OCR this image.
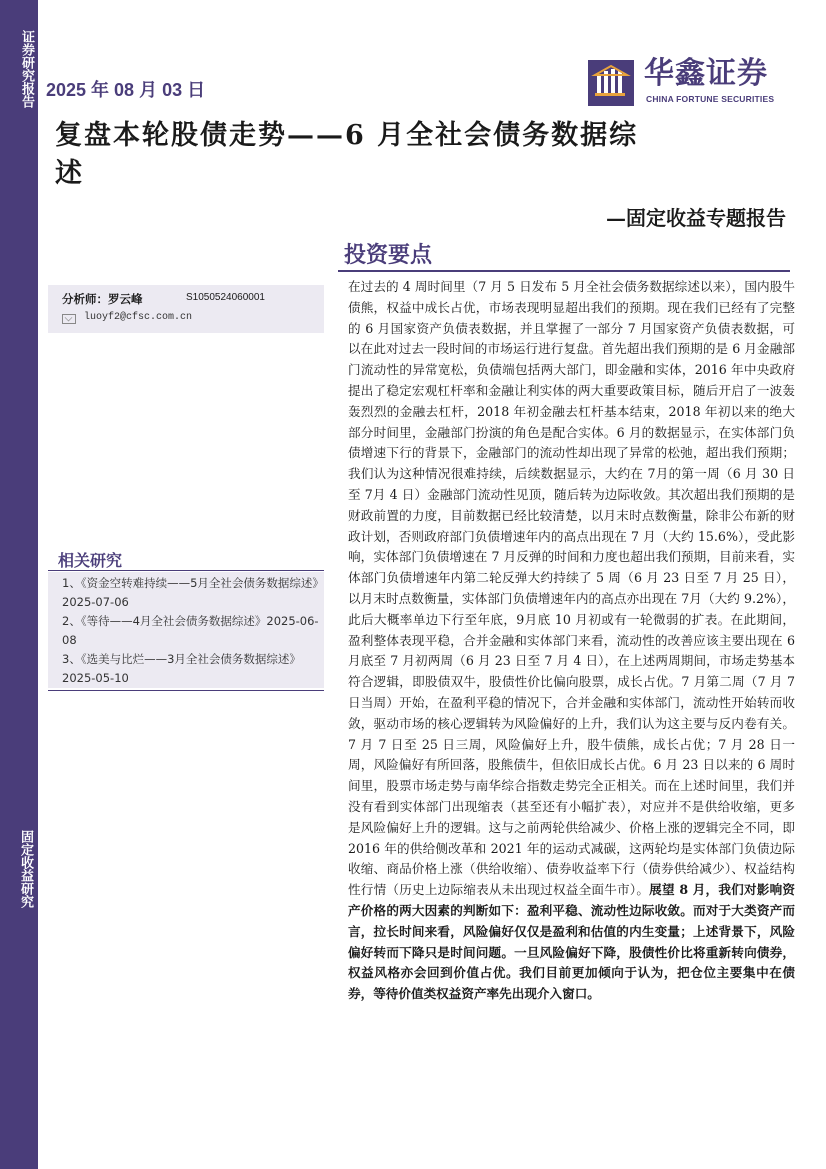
证券研究报告
固定收益研究
2025 年 08 月 03 日	华鑫证券
CHINA FORTUNE SECURITIES
复盘本轮股债走势——6 月全社会债务数据综
述
—固定收益专题报告
投资要点
分析师：罗云峰	S1050524060001
luoyf2@cfsc.com.cn
相关研究
1、《资金空转难持续——5月全社会债务数据综述》2025-07-06
2、《等待——4月全社会债务数据综述》2025-06-08
3、《选美与比烂——3月全社会债务数据综述》2025-05-10
在过去的 4 周时间里（7 月 5 日发布 5 月全社会债务数据综述以来），国内股牛债熊，权益中成长占优，市场表现明显超出我们的预期。现在我们已经有了完整的 6 月国家资产负债表数据，并且掌握了一部分 7 月国家资产负债表数据，可以在此对过去一段时间的市场运行进行复盘。首先超出我们预期的是 6 月金融部门流动性的异常宽松，负债端包括两大部门，即金融和实体，2016 年中央政府提出了稳定宏观杠杆率和金融让利实体的两大重要政策目标，随后开启了一波轰轰烈烈的金融去杠杆，2018 年初金融去杠杆基本结束，2018 年初以来的绝大部分时间里，金融部门扮演的角色是配合实体。6 月的数据显示，在实体部门负债增速下行的背景下，金融部门的流动性却出现了异常的松弛，超出我们预期；我们认为这种情况很难持续，后续数据显示，大约在 7月的第一周（6 月 30 日至 7月 4 日）金融部门流动性见顶，随后转为边际收敛。其次超出我们预期的是财政前置的力度，目前数据已经比较清楚，以月末时点数衡量，除非公布新的财政计划，否则政府部门负债增速年内的高点出现在 7 月（大约 15.6%），受此影响，实体部门负债增速在 7 月反弹的时间和力度也超出我们预期，目前来看，实体部门负债增速年内第二轮反弹大约持续了 5 周（6 月 23 日至 7 月 25 日），以月末时点数衡量，实体部门负债增速年内的高点亦出现在 7月（大约 9.2%），此后大概率单边下行至年底，9月底 10 月初或有一轮微弱的扩表。在此期间，盈利整体表现平稳，合并金融和实体部门来看，流动性的改善应该主要出现在 6 月底至 7 月初两周（6 月 23 日至 7 月 4 日），在上述两周期间，市场走势基本符合逻辑，即股债双牛，股债性价比偏向股票，成长占优。7 月第二周（7 月 7 日当周）开始，在盈利平稳的情况下，合并金融和实体部门，流动性开始转而收敛，驱动市场的核心逻辑转为风险偏好的上升，我们认为这主要与反内卷有关。7 月 7 日至 25 日三周，风险偏好上升，股牛债熊，成长占优；7 月 28 日一周，风险偏好有所回落，股熊债牛，但依旧成长占优。6 月 23 日以来的 6 周时间里，股票市场走势与南华综合指数走势完全正相关。而在上述时间里，我们并没有看到实体部门出现缩表（甚至还有小幅扩表），对应并不是供给收缩，更多是风险偏好上升的逻辑。这与之前两轮供给减少、价格上涨的逻辑完全不同，即 2016 年的供给侧改革和 2021 年的运动式减碳，这两轮均是实体部门负债边际收缩、商品价格上涨（供给收缩）、债券收益率下行（债券供给减少）、权益结构性行情（历史上边际缩表从未出现过权益全面牛市）。展望 8 月，我们对影响资产价格的两大因素的判断如下：盈利平稳、流动性边际收敛。而对于大类资产而言，拉长时间来看，风险偏好仅仅是盈利和估值的内生变量；上述背景下，风险偏好转而下降只是时间问题。一旦风险偏好下降，股债性价比将重新转向债券，权益风格亦会回到价值占优。我们目前更加倾向于认为，把仓位主要集中在债券，等待价值类权益资产率先出现介入窗口。
